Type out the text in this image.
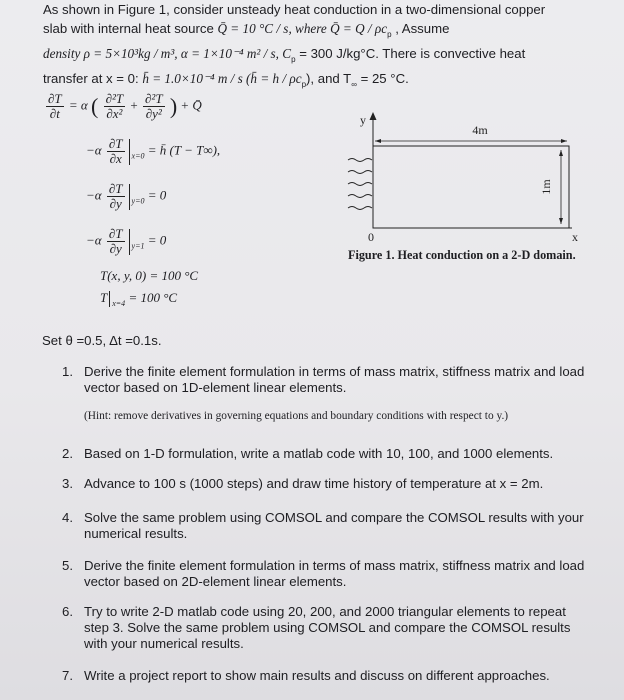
As shown in Figure 1, consider unsteady heat conduction in a two-dimensional copper
slab with internal heat source Q̄ = 10 °C / s, where Q̄ = Q / $\rho c_p$ , Assume
density ρ = 5×10³kg / m³, α = 1×10⁻⁴ m² / s, $C_p = 300$ J/kg°C. There is convective heat
transfer at x = 0: h̄ = 1.0×10⁻⁴ m / s (h̄ = h / $\rho c_p$), and $T_\infty = 25$ °C.
$\frac{\partial T}{\partial t} = \alpha$ ( $\frac{\text{∂²T}}{\text{∂x²}} + \frac{\text{∂²T}}{\text{∂y²}}$ ) + Q̄
$-\alpha \frac{\partial T}{\partial x} _{x=0}$ = h̄ (T − T∞),
$-\alpha \frac{\partial T}{\partial y} _{y=0} = 0$
$-\alpha \frac{\partial T}{\partial y} _{y=1} = 0$
T(x, y, 0) = 100 °C
T $_{x=4}$ = 100 °C
4m
1m
y
x
0
Figure 1. Heat conduction on a 2-D domain.
Set θ =0.5, Δt =0.1s.
1. Derive the finite element formulation in terms of mass matrix, stiffness matrix and load vector based on 1D-element linear elements.
(Hint: remove derivatives in governing equations and boundary conditions with respect to y.)
2. Based on 1-D formulation, write a matlab code with 10, 100, and 1000 elements.
3. Advance to 100 s (1000 steps) and draw time history of temperature at x = 2m.
4. Solve the same problem using COMSOL and compare the COMSOL results with your numerical results.
5. Derive the finite element formulation in terms of mass matrix, stiffness matrix and load vector based on 2D-element linear elements.
6. Try to write 2-D matlab code using 20, 200, and 2000 triangular elements to repeat step 3. Solve the same problem using COMSOL and compare the COMSOL results with your numerical results.
7. Write a project report to show main results and discuss on different approaches.
